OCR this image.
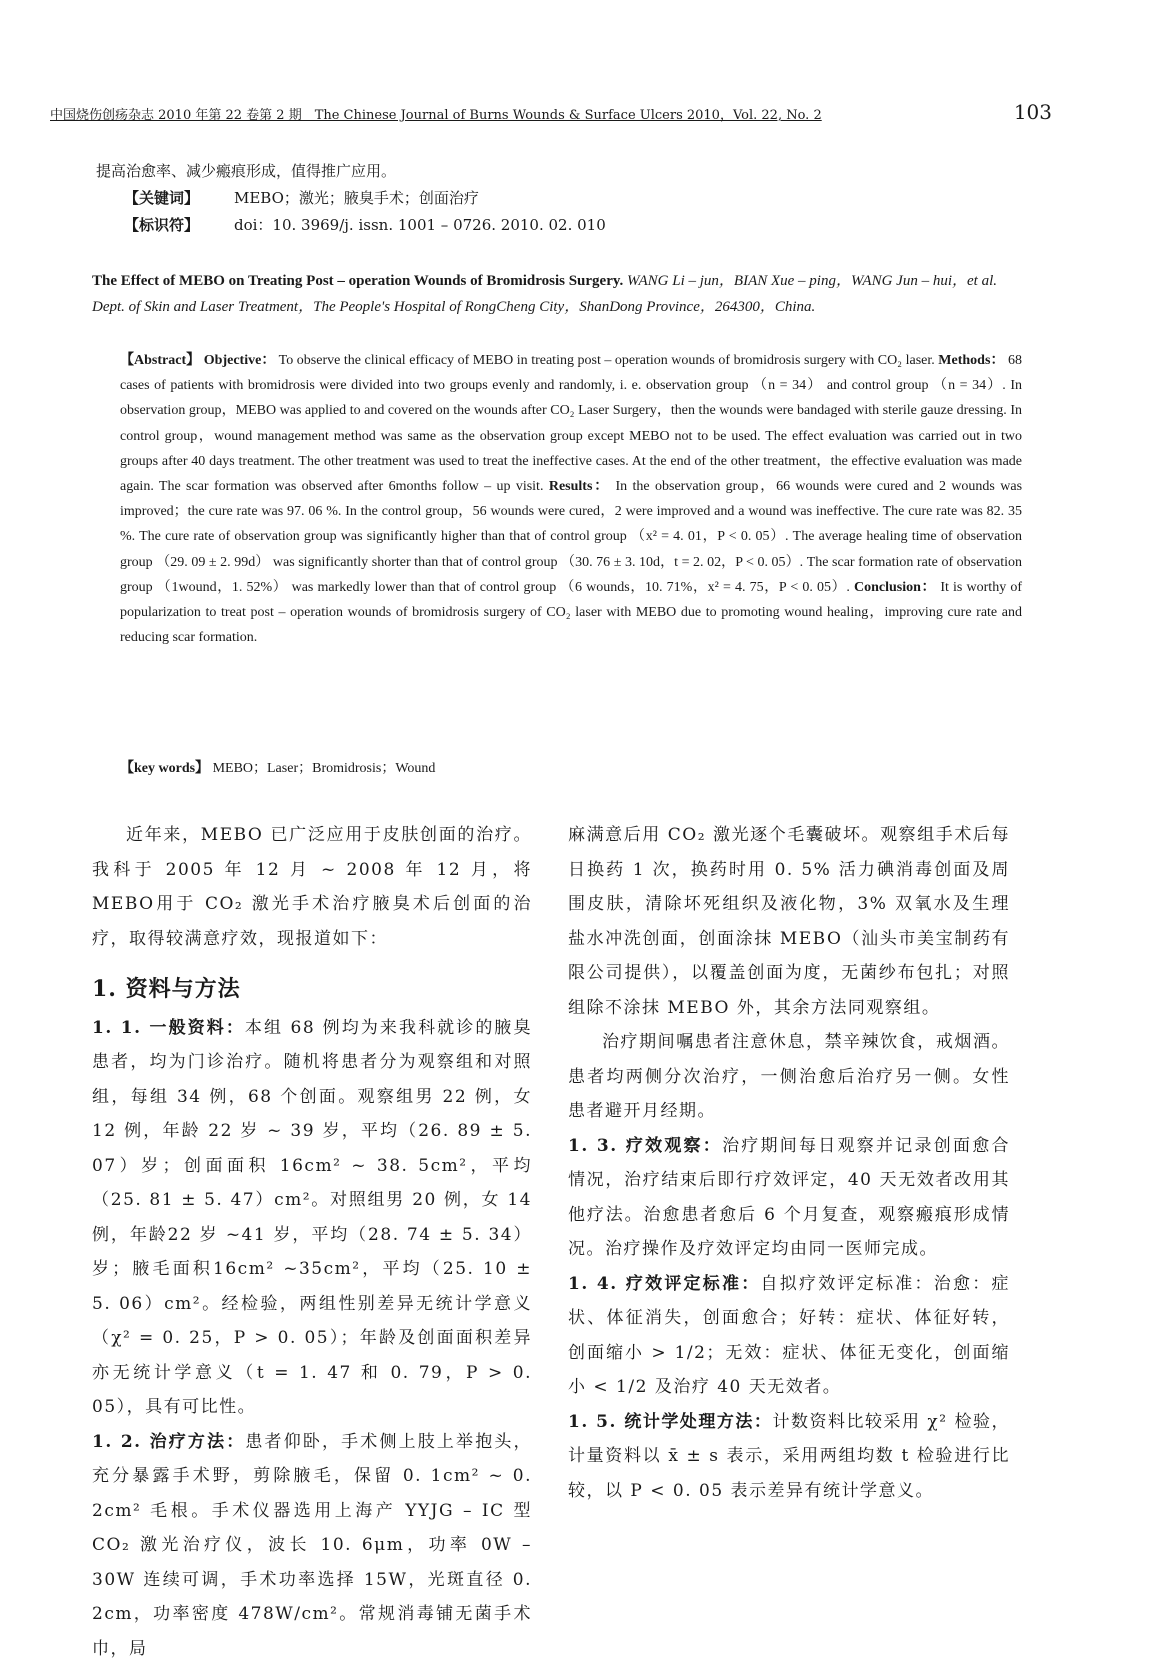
中国烧伤创疡杂志 2010 年第 22 卷第 2 期　The Chinese Journal of Burns Wounds & Surface Ulcers 2010，Vol. 22, No. 2	103
提高治愈率、减少瘢痕形成，值得推广应用。
【关键词】 MEBO；激光；腋臭手术；创面治疗
【标识符】 doi：10. 3969/j. issn. 1001 – 0726. 2010. 02. 010
The Effect of MEBO on Treating Post – operation Wounds of Bromidrosis Surgery. WANG Li – jun，BIAN Xue – ping，WANG Jun – hui，et al. Dept. of Skin and Laser Treatment，The People's Hospital of RongCheng City，ShanDong Province，264300，China.
【Abstract】 Objective： To observe the clinical efficacy of MEBO in treating post – operation wounds of bromidrosis surgery with CO₂ laser. Methods： 68 cases of patients with bromidrosis were divided into two groups evenly and randomly, i. e. observation group （n = 34） and control group （n = 34）. In observation group，MEBO was applied to and covered on the wounds after CO₂ Laser Surgery，then the wounds were bandaged with sterile gauze dressing. In control group，wound management method was same as the observation group except MEBO not to be used. The effect evaluation was carried out in two groups after 40 days treatment. The other treatment was used to treat the ineffective cases. At the end of the other treatment，the effective evaluation was made again. The scar formation was observed after 6months follow – up visit. Results： In the observation group，66 wounds were cured and 2 wounds was improved；the cure rate was 97. 06 %. In the control group，56 wounds were cured，2 were improved and a wound was ineffective. The cure rate was 82. 35 %. The cure rate of observation group was significantly higher than that of control group （x² = 4. 01，P < 0. 05）. The average healing time of observation group （29. 09 ± 2. 99d） was significantly shorter than that of control group （30. 76 ± 3. 10d，t = 2. 02，P < 0. 05）. The scar formation rate of observation group （1wound，1. 52%） was markedly lower than that of control group （6 wounds，10. 71%，x² = 4. 75，P < 0. 05）. Conclusion： It is worthy of popularization to treat post – operation wounds of bromidrosis surgery of CO₂ laser with MEBO due to promoting wound healing，improving cure rate and reducing scar formation.
【key words】 MEBO；Laser；Bromidrosis；Wound

近年来，MEBO 已广泛应用于皮肤创面的治疗。我科于 2005 年 12 月 ~ 2008 年 12 月，将 MEBO用于 CO₂ 激光手术治疗腋臭术后创面的治疗，取得较满意疗效，现报道如下：

1. 资料与方法

1. 1. 一般资料：本组 68 例均为来我科就诊的腋臭患者，均为门诊治疗。随机将患者分为观察组和对照组，每组 34 例，68 个创面。观察组男 22 例，女 12 例，年龄 22 岁 ~ 39 岁，平均（26. 89 ± 5. 07）岁；创面面积 16cm² ~ 38. 5cm²，平均（25. 81 ± 5. 47）cm²。对照组男 20 例，女 14 例，年龄22 岁 ~41 岁，平均（28. 74 ± 5. 34）岁；腋毛面积16cm² ~35cm²，平均（25. 10 ± 5. 06）cm²。经检验，两组性别差异无统计学意义（χ² = 0. 25，P > 0. 05）；年龄及创面面积差异亦无统计学意义（t = 1. 47 和 0. 79，P > 0. 05），具有可比性。

1. 2. 治疗方法：患者仰卧，手术侧上肢上举抱头，充分暴露手术野，剪除腋毛，保留 0. 1cm² ~ 0. 2cm² 毛根。手术仪器选用上海产 YYJG – IC 型 CO₂ 激光治疗仪，波长 10. 6μm，功率 0W – 30W 连续可调，手术功率选择 15W，光斑直径 0. 2cm，功率密度 478W/cm²。常规消毒铺无菌手术巾，局

麻满意后用 CO₂ 激光逐个毛囊破坏。观察组手术后每日换药 1 次，换药时用 0. 5% 活力碘消毒创面及周围皮肤，清除坏死组织及液化物，3% 双氧水及生理盐水冲洗创面，创面涂抹 MEBO（汕头市美宝制药有限公司提供），以覆盖创面为度，无菌纱布包扎；对照组除不涂抹 MEBO 外，其余方法同观察组。

治疗期间嘱患者注意休息，禁辛辣饮食，戒烟酒。患者均两侧分次治疗，一侧治愈后治疗另一侧。女性患者避开月经期。

1. 3. 疗效观察：治疗期间每日观察并记录创面愈合情况，治疗结束后即行疗效评定，40 天无效者改用其他疗法。治愈患者愈后 6 个月复查，观察瘢痕形成情况。治疗操作及疗效评定均由同一医师完成。

1. 4. 疗效评定标准：自拟疗效评定标准：治愈：症状、体征消失，创面愈合；好转：症状、体征好转，创面缩小 > 1/2；无效：症状、体征无变化，创面缩小 < 1/2 及治疗 40 天无效者。

1. 5. 统计学处理方法：计数资料比较采用 χ² 检验，计量资料以 x̄ ± s 表示，采用两组均数 t 检验进行比较，以 P < 0. 05 表示差异有统计学意义。
